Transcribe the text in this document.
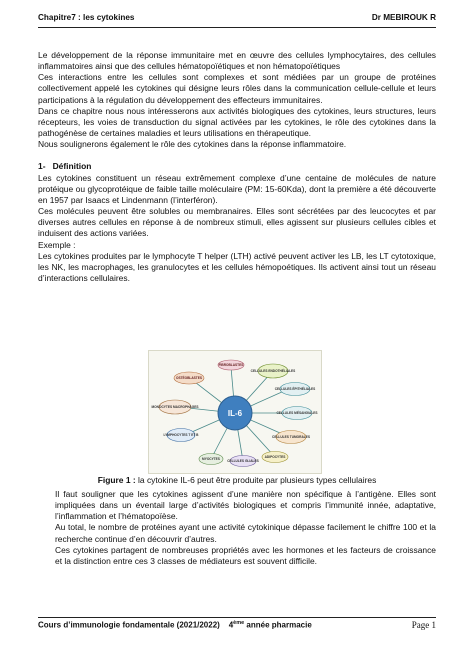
Chapitre7 : les cytokines	Dr MEBIROUK R

Le développement de la réponse immunitaire met en œuvre des cellules lymphocytaires, des cellules inflammatoires ainsi que des cellules hématopoïétiques et non hématopoïétiques

Ces interactions entre les cellules sont complexes et sont médiées par un groupe de protéines collectivement appelé les cytokines qui désigne leurs rôles dans la communication cellule-cellule et leurs participations à la régulation du développement des effecteurs immunitaires.

Dans ce chapitre nous nous intéresserons aux activités biologiques des cytokines, leurs structures, leurs récepteurs, les voies de transduction du signal activées par les cytokines, le rôle des cytokines dans la pathogénèse de certaines maladies et leurs utilisations en thérapeutique.

Nous soulignerons également le rôle des cytokines dans la réponse inflammatoire.

1- Définition

Les cytokines constituent un réseau extrêmement complexe d’une centaine de molécules de nature protéique ou glycoprotéique de faible taille moléculaire (PM: 15-60Kda), dont la première a été découverte en 1957 par Isaacs et Lindenmann (l’interféron).

Ces molécules peuvent être solubles ou membranaires. Elles sont sécrétées par des leucocytes et par diverses autres cellules en réponse à de nombreux stimuli, elles agissent sur plusieurs cellules cibles et induisent des actions variées.

Exemple :

Les cytokines produites par le lymphocyte T helper (LTH) activé peuvent activer les LB, les LT cytotoxique, les NK, les macrophages, les granulocytes et les cellules hémopoétiques. Ils activent ainsi tout un réseau d’interactions cellulaires.

IL-6
FIBROBLASTES
CELLULES ENDOTHÉLIALES
CELLULES ÉPITHÉLIALES
CELLULES MÉSANGIALES
CELLULES TUMORALES
ADIPOCYTES
CELLULES GLIALES
MYOCYTES
LYMPHOCYTES T ET B
MONOCYTES MACROPHAGES
OSTÉOBLASTES
Figure 1 : la cytokine IL-6 peut être produite par plusieurs types cellulaires

Il faut souligner que les cytokines agissent d’une manière non spécifique à l’antigène. Elles sont impliquées dans un éventail large d’activités biologiques et compris l’immunité innée, adaptative, l’inflammation et l’hématopoïèse.

Au total, le nombre de protéines ayant une activité cytokinique dépasse facilement le chiffre 100 et la recherche continue d’en découvrir d’autres.

Ces cytokines partagent de nombreuses propriétés avec les hormones et les facteurs de croissance et la distinction entre ces 3 classes de médiateurs est souvent difficile.

Cours d’immunologie fondamentale (2021/2022) 4ème année pharmacie	Page 1
